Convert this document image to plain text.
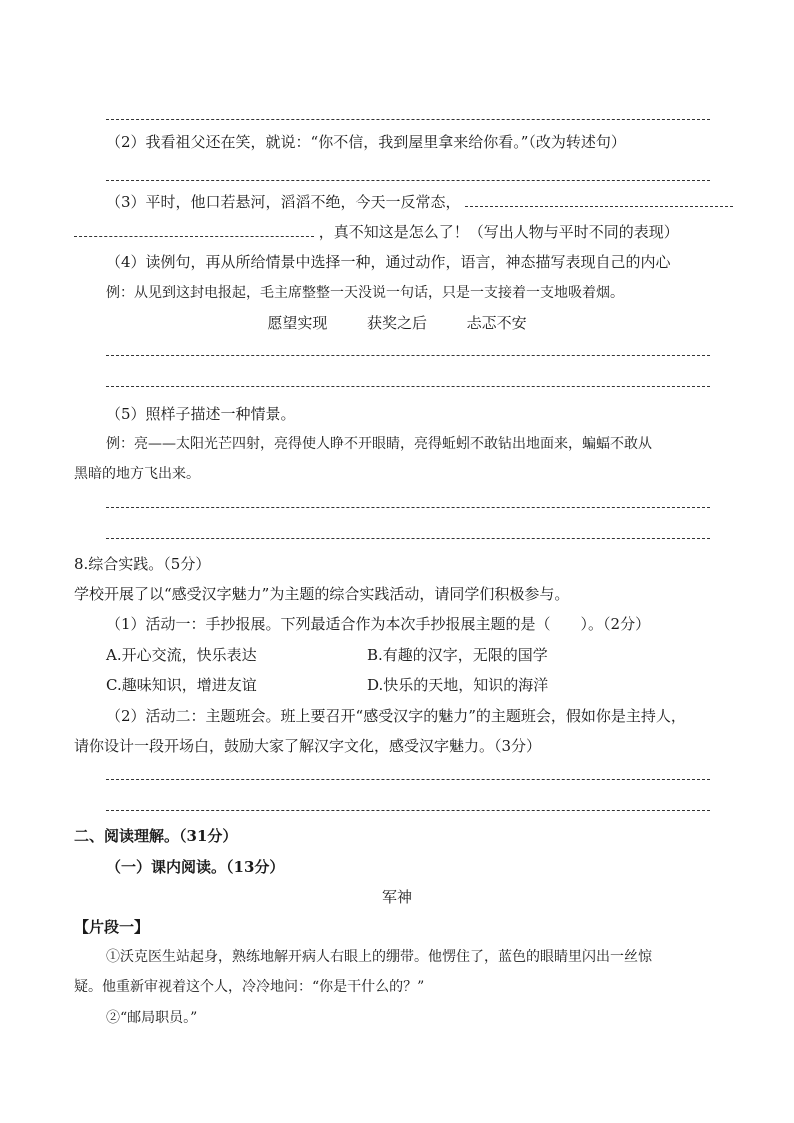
（2）我看祖父还在笑，就说：“你不信，我到屋里拿来给你看。”（改为转述句）
（3）平时，他口若悬河，滔滔不绝，今天一反常态，
，真不知这是怎么了！（写出人物与平时不同的表现）
（4）读例句，再从所给情景中选择一种，通过动作，语言，神态描写表现自己的内心
例：从见到这封电报起，毛主席整整一天没说一句话，只是一支接着一支地吸着烟。
愿望实现	获奖之后	忐忑不安
（5）照样子描述一种情景。
例：亮——太阳光芒四射，亮得使人睁不开眼睛，亮得蚯蚓不敢钻出地面来，蝙蝠不敢从
黑暗的地方飞出来。
8.综合实践。（5分）
学校开展了以“感受汉字魅力”为主题的综合实践活动，请同学们积极参与。
（1）活动一：手抄报展。下列最适合作为本次手抄报展主题的是（　　）。（2分）
A.开心交流，快乐表达	B.有趣的汉字，无限的国学
C.趣味知识，增进友谊	D.快乐的天地，知识的海洋
（2）活动二：主题班会。班上要召开“感受汉字的魅力”的主题班会，假如你是主持人，
请你设计一段开场白，鼓励大家了解汉字文化，感受汉字魅力。（3分）
二、阅读理解。（31分）
（一）课内阅读。（13分）
军神
【片段一】
①沃克医生站起身，熟练地解开病人右眼上的绷带。他愣住了，蓝色的眼睛里闪出一丝惊
疑。他重新审视着这个人，冷冷地问：“你是干什么的？”
②“邮局职员。”
